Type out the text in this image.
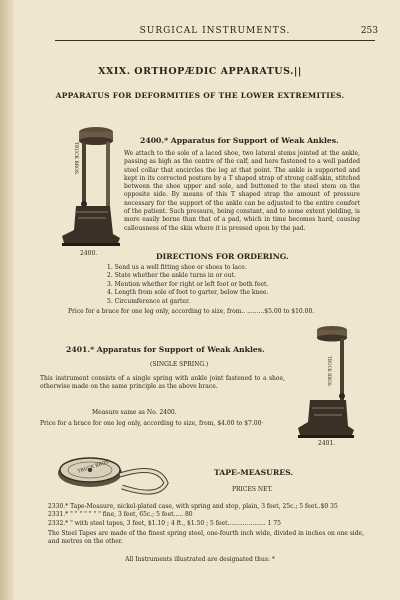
SURGICAL INSTRUMENTS.	253
XXIX. ORTHOPÆDIC APPARATUS.||
APPARATUS FOR DEFORMITIES OF THE LOWER EXTREMITIES.
TRUCK BROS.
2400.
2400.* Apparatus for Support of Weak Ankles.
We attach to the sole of a laced shoe, two lateral stems jointed at the ankle, passing as high as the centre of the calf, and here fastened to a well padded steel collar that encircles the leg at that point. The ankle is supported and kept in its corrected posture by a T shaped strap of strong calf-skin, stitched between the shoe upper and sole, and buttoned to the steel stem on the opposite side. By means of this T shaped strap the amount of pressure necessary for the support of the ankle can be adjusted to the entire comfort of the patient. Such pressure, being constant, and to some extent yielding, is more easily borne than that of a pad, which in time becomes hard, causing callousness of the skin where it is pressed upon by the pad.
DIRECTIONS FOR ORDERING.
1. Send us a well fitting shoe or shoes to lace.
2. State whether the ankle turns in or out.
3. Mention whether for right or left foot or both feet.
4. Length from sole of foot to garter, below the knee.
5. Circumference at garter.
Price for a brace for one leg only, according to size, from.. .........$5.00 to $10.00.
2401.* Apparatus for Support of Weak Ankles.
(SINGLE SPRING.)
This instrument consists of a single spring with ankle joint fastened to a shoe, otherwise made on the same principle as the above brace.
Measure same as No. 2400.
Price for a brace for one leg only, according to size, from, $4.00 to $7.00·
TRUCK BROS.
2401.
TRUCK BROS.	TAPE-MEASURES.
PRICES NET.
2330.* Tape-Measure, nickel-plated case, with spring and stop, plain, 3 feet, 25c.; 5 feet..$0 35
2331.* " " " " " " " fine, 3 feet, 65c.; 5 feet..... 80
2332.* " with steel tapes, 3 feet, $1.10 ; 4 ft., $1.50 ; 5 feet.................... 1 75
The Steel Tapes are made of the finest spring steel, one-fourth inch wide, divided in inches on one side, and metres on the other.
All Instruments illustrated are designated thus: *
